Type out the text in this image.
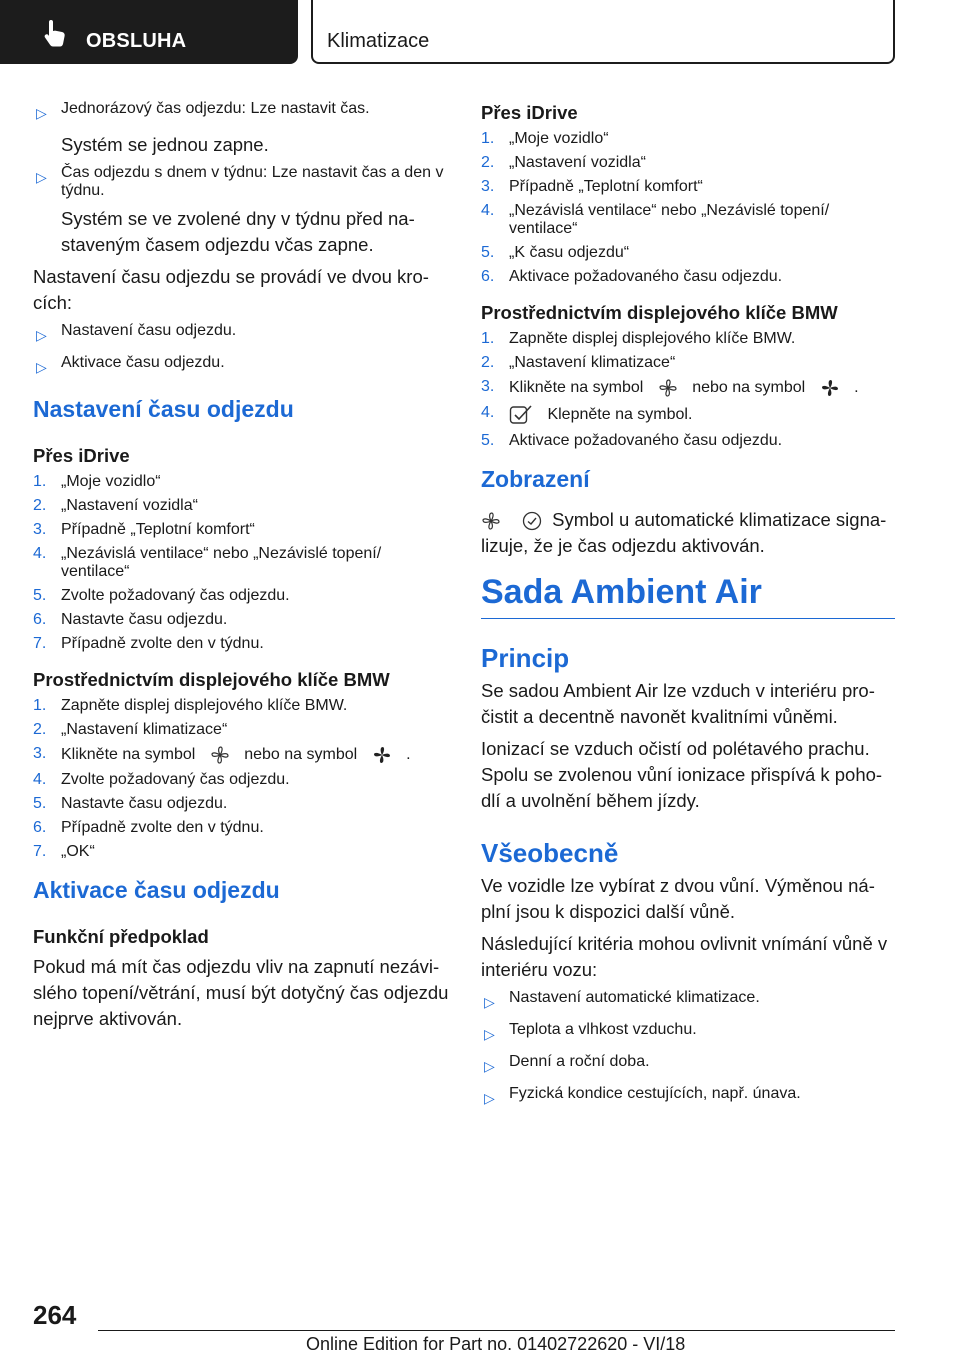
OBSLUHA	Klimatizace
▷ Jednorázový čas odjezdu: Lze nastavit čas.

Systém se jednou zapne.

▷ Čas odjezdu s dnem v týdnu: Lze nastavit čas a den v týdnu.

Systém se ve zvolené dny v týdnu před nastaveným časem odjezdu včas zapne.

Nastavení času odjezdu se provádí ve dvou krocích:

▷ Nastavení času odjezdu.
▷ Aktivace času odjezdu.
Nastavení času odjezdu
Přes iDrive
1. „Moje vozidlo“
2. „Nastavení vozidla“
3. Případně „Teplotní komfort“
4. „Nezávislá ventilace“ nebo „Nezávislé topení/ ventilace“
5. Zvolte požadovaný čas odjezdu.
6. Nastavte času odjezdu.
7. Případně zvolte den v týdnu.
Prostřednictvím displejového klíče BMW
1. Zapněte displej displejového klíče BMW.
2. „Nastavení klimatizace“
3. Klikněte na symbol	nebo na symbol	.
4. Zvolte požadovaný čas odjezdu.
5. Nastavte času odjezdu.
6. Případně zvolte den v týdnu.
7. „OK“
Aktivace času odjezdu
Funkční předpoklad

Pokud má mít čas odjezdu vliv na zapnutí nezávislého topení/větrání, musí být dotyčný čas odjezdu nejprve aktivován.

Přes iDrive
1. „Moje vozidlo“
2. „Nastavení vozidla“
3. Případně „Teplotní komfort“
4. „Nezávislá ventilace“ nebo „Nezávislé topení/ ventilace“
5. „K času odjezdu“
6. Aktivace požadovaného času odjezdu.
Prostřednictvím displejového klíče BMW
1. Zapněte displej displejového klíče BMW.
2. „Nastavení klimatizace“
3. Klikněte na symbol	nebo na symbol	.
4.	Klepněte na symbol.
5. Aktivace požadovaného času odjezdu.
Zobrazení

Symbol u automatické klimatizace signalizuje, že je čas odjezdu aktivován.

Sada Ambient Air
Princip

Se sadou Ambient Air lze vzduch v interiéru pročistit a decentně navonět kvalitními vůněmi.

Ionizací se vzduch očistí od polétavého prachu. Spolu se zvolenou vůní ionizace přispívá k pohodlí a uvolnění během jízdy.

Všeobecně

Ve vozidle lze vybírat z dvou vůní. Výměnou náplní jsou k dispozici další vůně.

Následující kritéria mohou ovlivnit vnímání vůně v interiéru vozu:

▷ Nastavení automatické klimatizace.
▷ Teplota a vlhkost vzduchu.
▷ Denní a roční doba.
▷ Fyzická kondice cestujících, např. únava.
264
Online Edition for Part no. 01402722620 - VI/18
